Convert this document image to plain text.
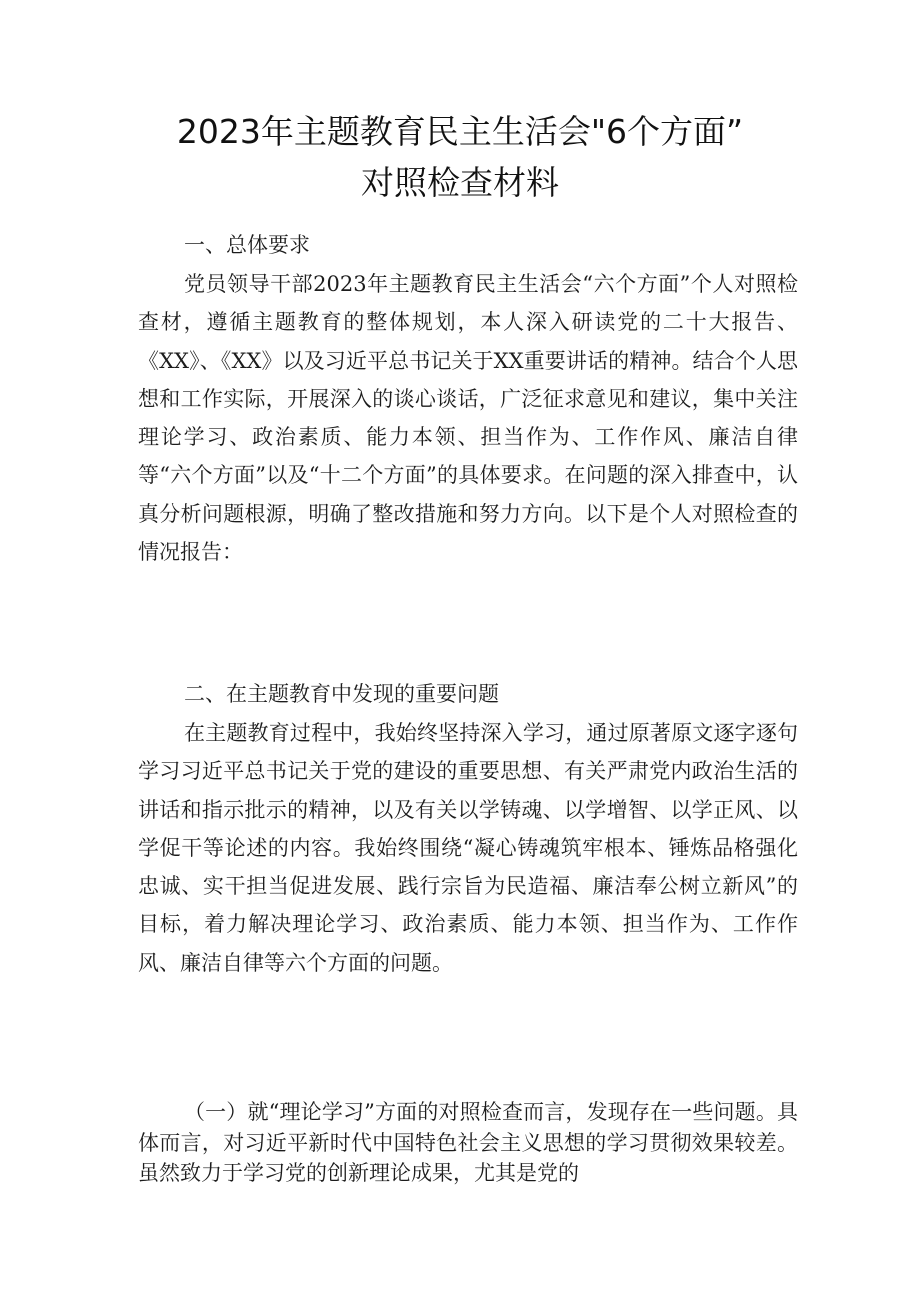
2023年主题教育民主生活会"6个方面”
对照检查材料

一、总体要求

党员领导干部2023年主题教育民主生活会“六个方面”个人对照检查材，遵循主题教育的整体规划，本人深入研读党的二十大报告、《XX》、《XX》以及习近平总书记关于XX重要讲话的精神。结合个人思想和工作实际，开展深入的谈心谈话，广泛征求意见和建议，集中关注理论学习、政治素质、能力本领、担当作为、工作作风、廉洁自律等“六个方面”以及“十二个方面”的具体要求。在问题的深入排查中，认真分析问题根源，明确了整改措施和努力方向。以下是个人对照检查的情况报告：

二、在主题教育中发现的重要问题

在主题教育过程中，我始终坚持深入学习，通过原著原文逐字逐句学习习近平总书记关于党的建设的重要思想、有关严肃党内政治生活的讲话和指示批示的精神，以及有关以学铸魂、以学增智、以学正风、以学促干等论述的内容。我始终围绕“凝心铸魂筑牢根本、锤炼品格强化忠诚、实干担当促进发展、践行宗旨为民造福、廉洁奉公树立新风”的目标，着力解决理论学习、政治素质、能力本领、担当作为、工作作风、廉洁自律等六个方面的问题。

（一）就“理论学习”方面的对照检查而言，发现存在一些问题。具体而言，对习近平新时代中国特色社会主义思想的学习贯彻效果较差。虽然致力于学习党的创新理论成果，尤其是党的
